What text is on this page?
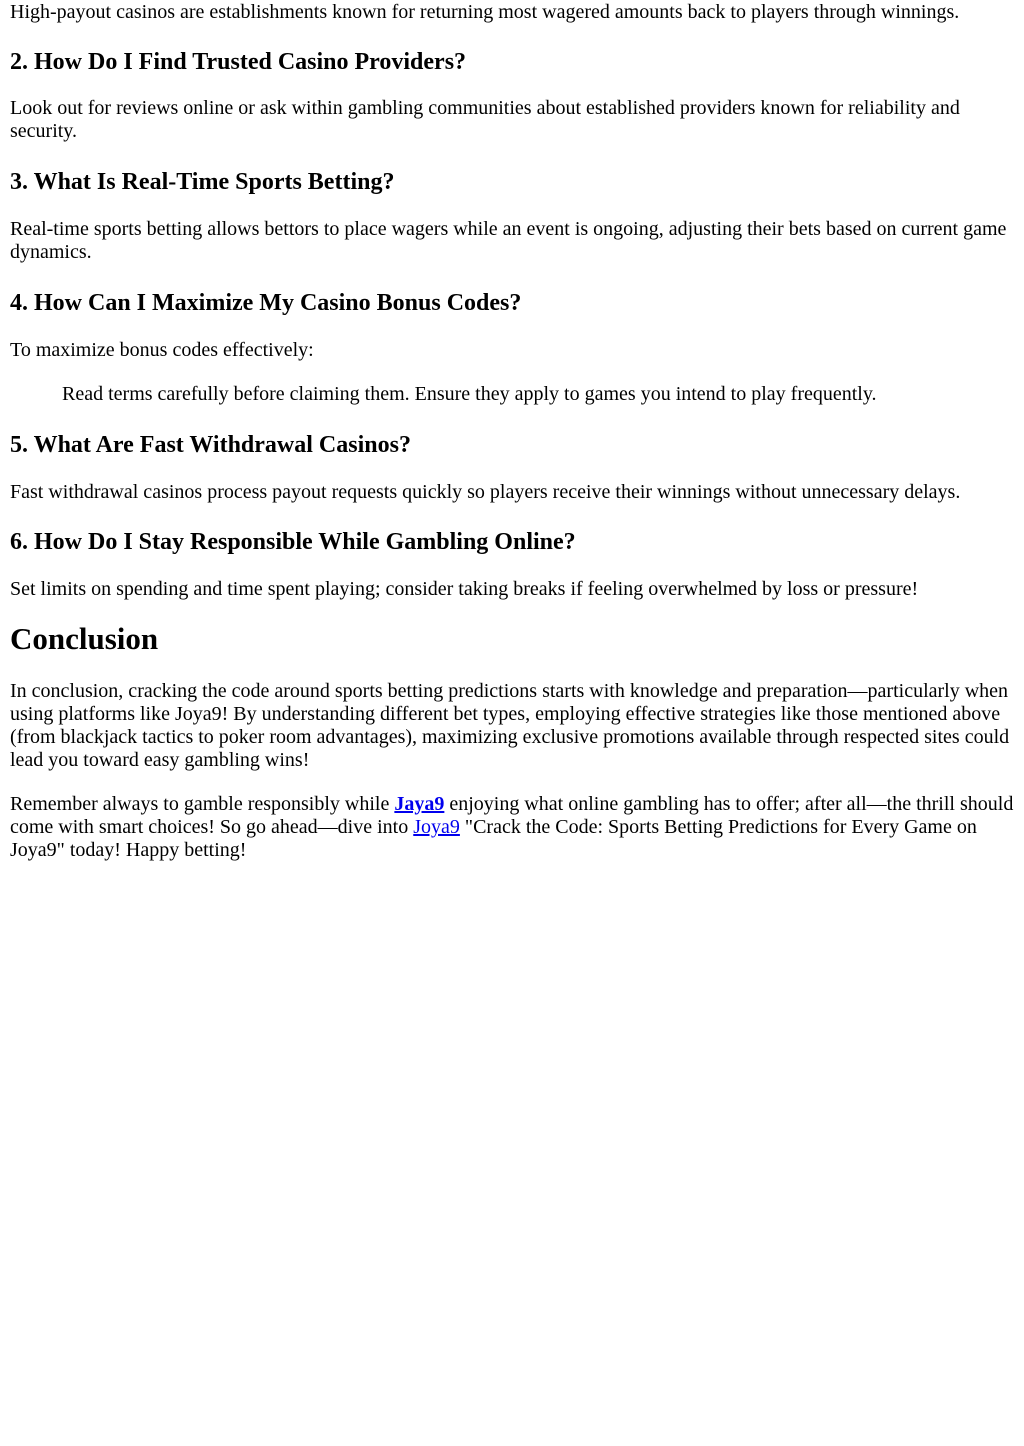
High-payout casinos are establishments known for returning most wagered amounts back to players through winnings.

2. How Do I Find Trusted Casino Providers?

Look out for reviews online or ask within gambling communities about established providers known for reliability and security.

3. What Is Real-Time Sports Betting?

Real-time sports betting allows bettors to place wagers while an event is ongoing, adjusting their bets based on current game dynamics.

4. How Can I Maximize My Casino Bonus Codes?

To maximize bonus codes effectively:

Read terms carefully before claiming them. Ensure they apply to games you intend to play frequently.

5. What Are Fast Withdrawal Casinos?

Fast withdrawal casinos process payout requests quickly so players receive their winnings without unnecessary delays.

6. How Do I Stay Responsible While Gambling Online?

Set limits on spending and time spent playing; consider taking breaks if feeling overwhelmed by loss or pressure!

Conclusion

In conclusion, cracking the code around sports betting predictions starts with knowledge and preparation—particularly when using platforms like Joya9! By understanding different bet types, employing effective strategies like those mentioned above (from blackjack tactics to poker room advantages), maximizing exclusive promotions available through respected sites could lead you toward easy gambling wins!

Remember always to gamble responsibly while Jaya9 enjoying what online gambling has to offer; after all—the thrill should come with smart choices! So go ahead—dive into Joya9 "Crack the Code: Sports Betting Predictions for Every Game on Joya9" today! Happy betting!
